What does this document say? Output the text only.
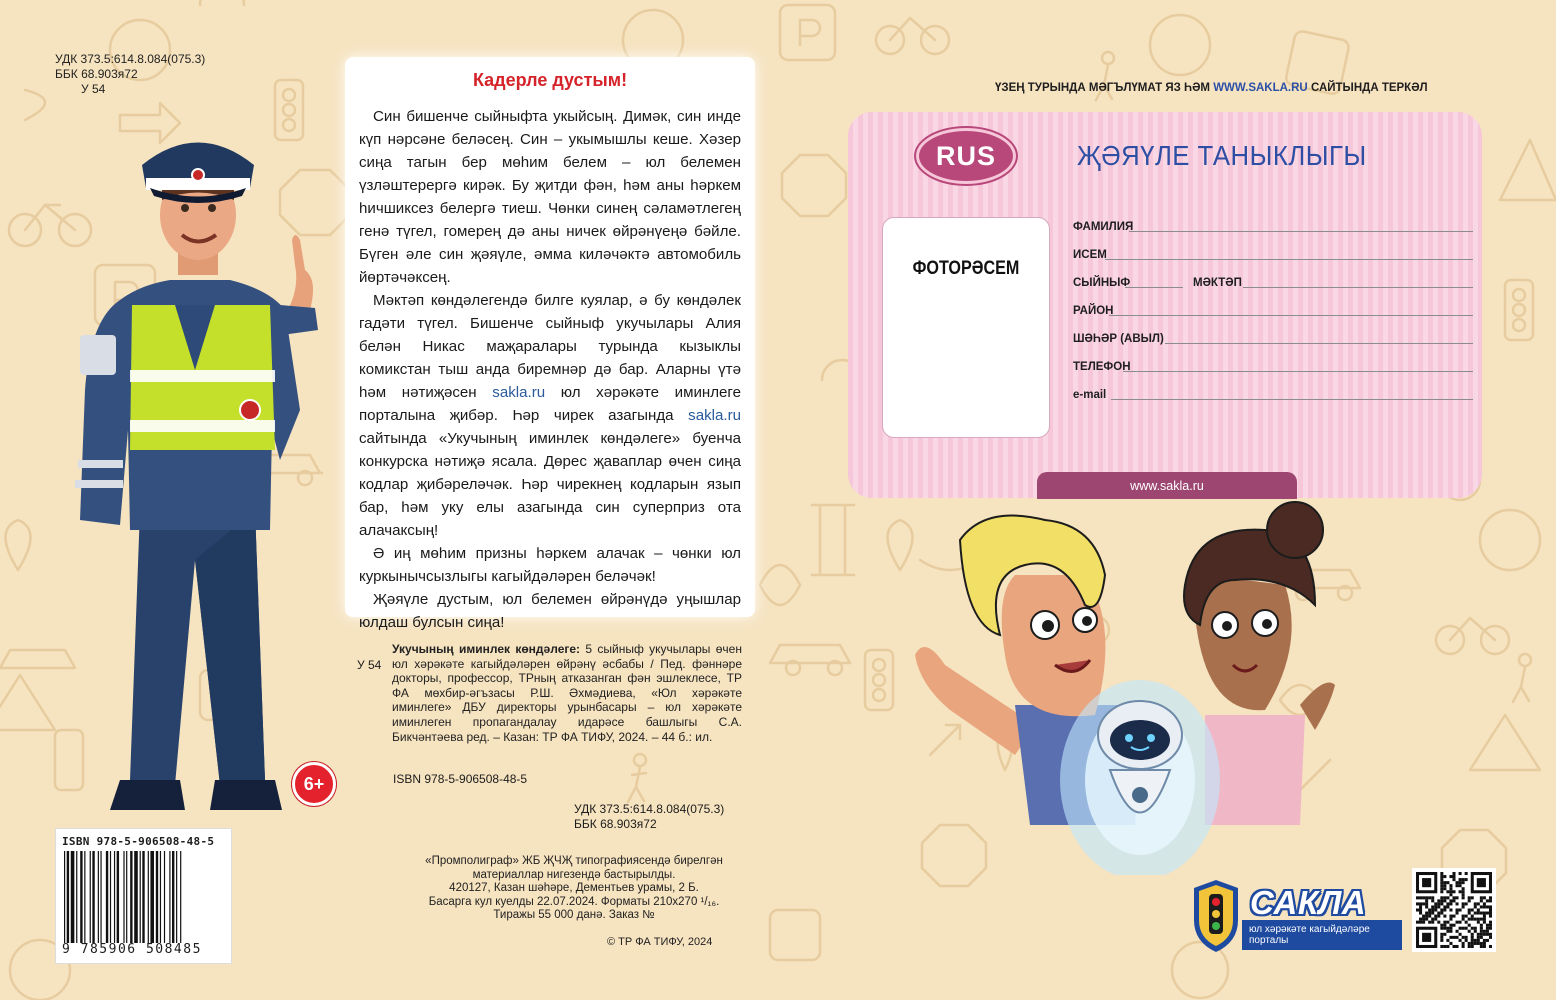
УДК 373.5:614.8.084(075.3)
ББК 68.903я72
У 54	Кадерле дустым!

Син бишенче сыйныфта укыйсың. Димәк, син инде күп нәрсәне беләсең. Син – укымышлы кеше. Хәзер сиңа тагын бер мөһим белем – юл белемен үзләштерергә кирәк. Бу җитди фән, һәм аны һәркем һичшиксез белергә тиеш. Чөнки синең сәламәтлегең генә түгел, гомерең дә аны ничек өйрәнүеңә бәйле. Бүген әле син җәяүле, әмма киләчәктә автомобиль йөртәчәксең.

Мәктәп көндәлегендә билге куялар, ә бу көндәлек гадәти түгел. Бишенче сыйныф укучылары Алия белән Никас маҗаралары турында кызыклы комикстан тыш анда биремнәр дә бар. Аларны үтә һәм нәтиҗәсен sakla.ru юл хәрәкәте иминлеге порталына җибәр. Һәр чирек азагында sakla.ru сайтында «Укучының иминлек көндәлеге» буенча конкурска нәтиҗә ясала. Дөрес җаваплар өчен сиңа кодлар җибәреләчәк. Һәр чирекнең кодларын язып бар, һәм уку елы азагында син суперприз ота алачаксың!

Ә иң мөһим призны һәркем алачак – чөнки юл куркынычсызлыгы кагыйдәләрен беләчәк!

Җәяүле дустым, юл белемен өйрәнүдә уңышлар юлдаш булсын сиңа!

У 54
Укучының иминлек көндәлеге: 5 сыйныф укучылары өчен юл хәрәкәте кагыйдәләрен өйрәнү әсбабы / Пед. фәннәре докторы, профессор, ТРның атказанган фән эшлеклесе, ТР ФА мөхбир-әгъзасы Р.Ш. Әхмәдиева, «Юл хәрәкәте иминлеге» ДБУ директоры урынбасары – юл хәрәкәте иминлеген пропагандалау идарәсе башлыгы С.А. Бикчәнтәева ред. – Казан: ТР ФА ТИФУ, 2024. – 44 б.: ил.
6+	ISBN 978-5-906508-48-5
УДК 373.5:614.8.084(075.3)
ББК 68.903я72
«Промполиграф» ЖБ ҖЧҖ типографиясендә бирелгән
материаллар нигезендә бастырылды.
420127, Казан шәһәре, Дементьев урамы, 2 Б.
Басарга кул куелды 22.07.2024. Форматы 210х270 ¹/₁₆.
Тиражы 55 000 данә. Заказ №
© ТР ФА ТИФУ, 2024
ISBN 978-5-906508-48-5
9 785906 508485
ҮЗЕҢ ТУРЫНДА МӘГЪЛҮМАТ ЯЗ ҺӘМ WWW.SAKLA.RU САЙТЫНДА ТЕРКӘЛ
RUS	ҖӘЯҮЛЕ ТАНЫКЛЫГЫ
ФОТОРӘСЕМ
ФАМИЛИЯ
ИСЕМ
СЫЙНЫФ	МӘКТӘП
РАЙОН
ШӘҺӘР (АВЫЛ)
ТЕЛЕФОН
e-mail
www.sakla.ru
САКЛА
юл хәрәкәте кагыйдәләре порталы
